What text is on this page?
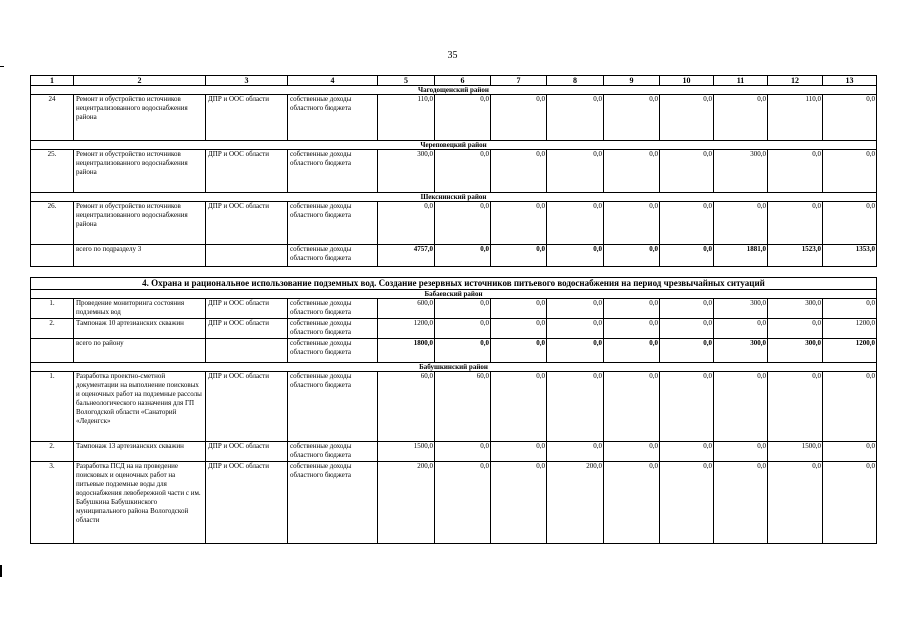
35
1	2	3	4	5	6	7	8	9	10	11	12	13
Чагодощенский район												
24	Ремонт и обустройство источников нецентрализованного водоснабжения района	ДПР и ООС области	собственные доходы областного бюджета	110,0	0,0	0,0	0,0	0,0	0,0	0,0	110,0	0,0
Череповецкий район												
25.	Ремонт и обустройство источников нецентрализованного водоснабжения района	ДПР и ООС области	собственные доходы областного бюджета	300,0	0,0	0,0	0,0	0,0	0,0	300,0	0,0	0,0
Шекснинский район												
26.	Ремонт и обустройство источников нецентрализованного водоснабжения района	ДПР и ООС области	собственные доходы областного бюджета	0,0	0,0	0,0	0,0	0,0	0,0	0,0	0,0	0,0
	всего по подразделу 3		собственные доходы областного бюджета	4757,0	0,0	0,0	0,0	0,0	0,0	1881,0	1523,0	1353,0

4. Охрана и рациональное использование подземных вод. Создание резервных источников питьевого водоснабжения на период чрезвычайных ситуаций												
Бабаевский район												
1.	Проведение мониторинга состояния подземных вод	ДПР и ООС области	собственные доходы областного бюджета	600,0	0,0	0,0	0,0	0,0	0,0	300,0	300,0	0,0
2.	Тампонаж 10 артезианских скважин	ДПР и ООС области	собственные доходы областного бюджета	1200,0	0,0	0,0	0,0	0,0	0,0	0,0	0,0	1200,0
	всего по району		собственные доходы областного бюджета	1800,0	0,0	0,0	0,0	0,0	0,0	300,0	300,0	1200,0
Бабушкинский район												
1.	Разработка проектно-сметной документации на выполнение поисковых и оценочных работ на подземные рассолы бальнеологического назначения для ГП Вологодской области «Санаторий «Леденгск»	ДПР и ООС области	собственные доходы областного бюджета	60,0	60,0	0,0	0,0	0,0	0,0	0,0	0,0	0,0
2.	Тампонаж 13 артезианских скважин	ДПР и ООС области	собственные доходы областного бюджета	1500,0	0,0	0,0	0,0	0,0	0,0	0,0	1500,0	0,0
3.	Разработка ПСД на на проведение поисковых и оценочных работ на питьевые подземные воды для водоснабжения левобережной части с им. Бабушкина Бабушкинского муниципального района Вологодской области	ДПР и ООС области	собственные доходы областного бюджета	200,0	0,0	0,0	200,0	0,0	0,0	0,0	0,0	0,0
